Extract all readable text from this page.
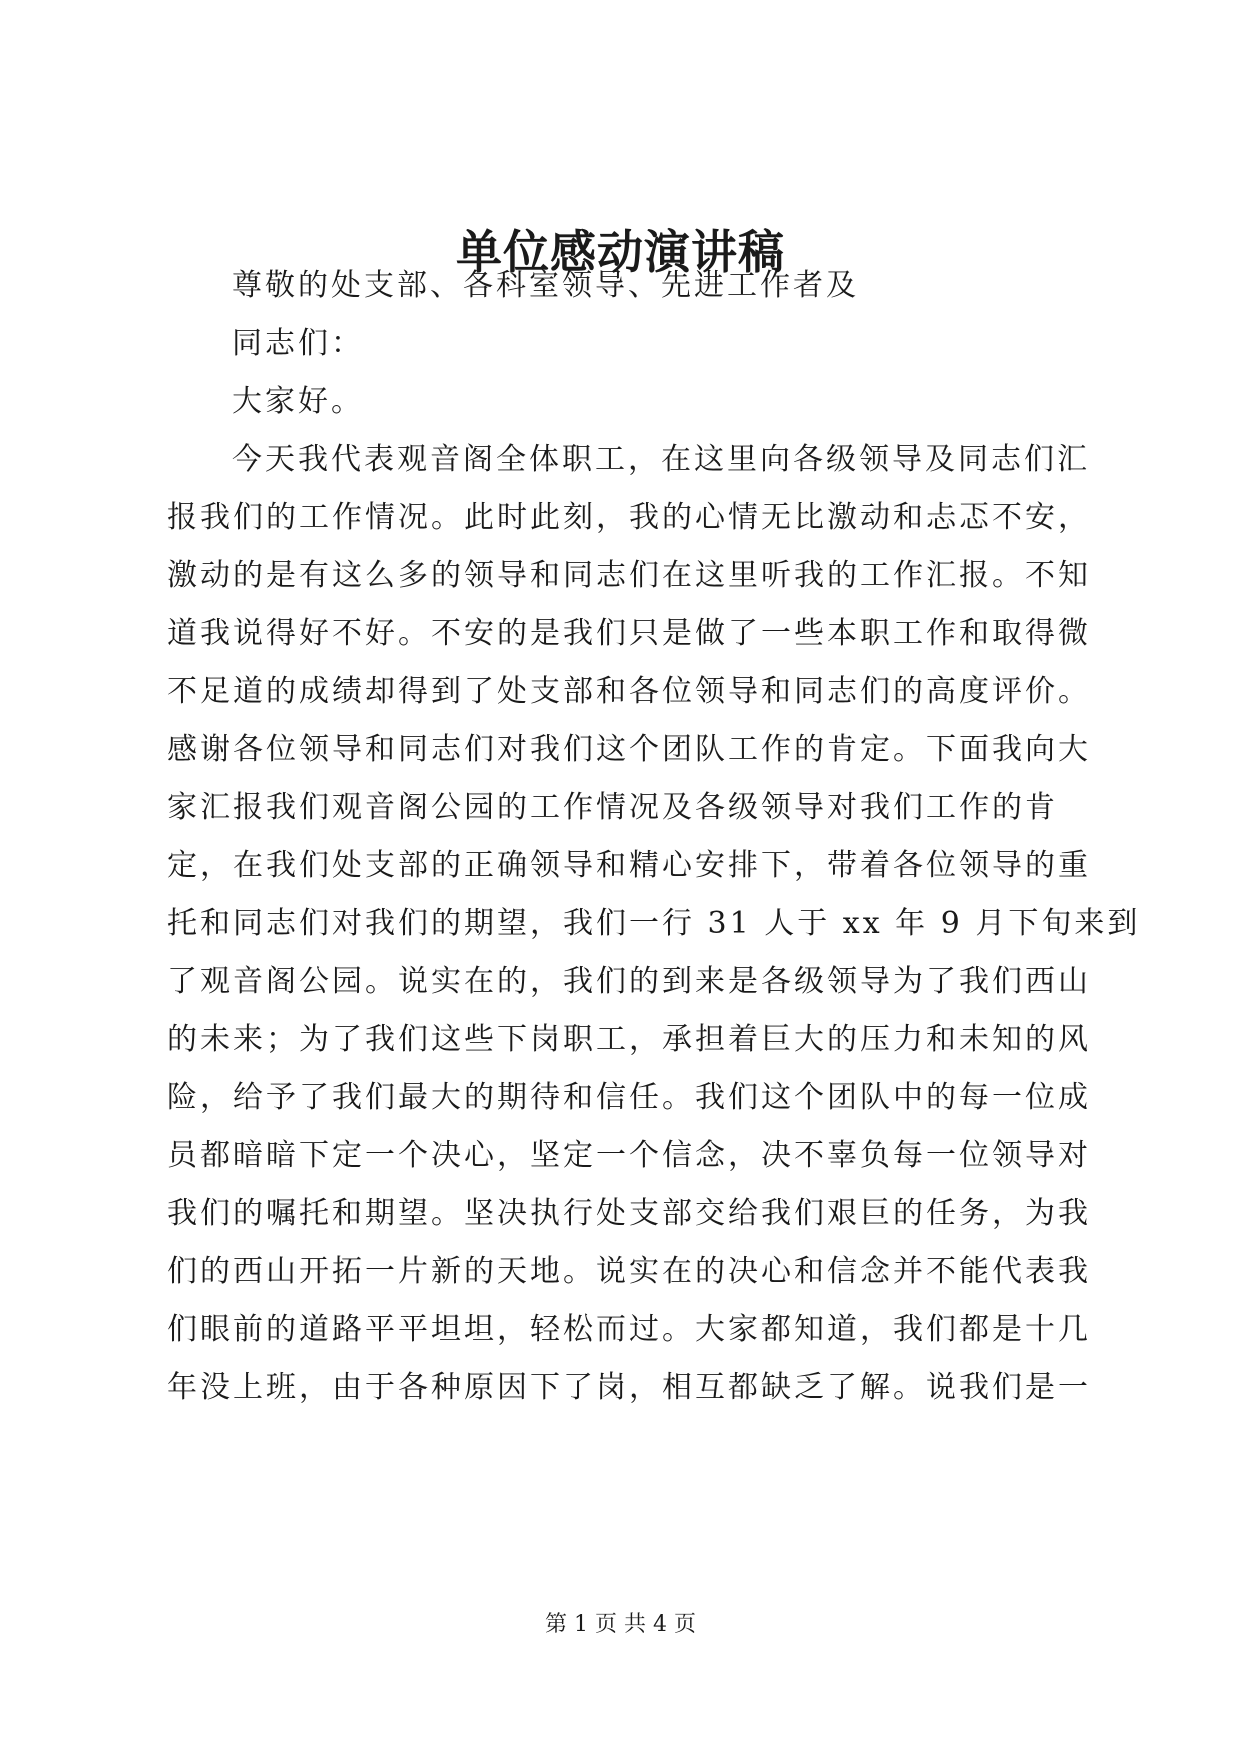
单位感动演讲稿
尊敬的处支部、各科室领导、先进工作者及
同志们：
大家好。
今天我代表观音阁全体职工，在这里向各级领导及同志们汇
报我们的工作情况。此时此刻，我的心情无比激动和忐忑不安，
激动的是有这么多的领导和同志们在这里听我的工作汇报。不知
道我说得好不好。不安的是我们只是做了一些本职工作和取得微
不足道的成绩却得到了处支部和各位领导和同志们的高度评价。
感谢各位领导和同志们对我们这个团队工作的肯定。下面我向大
家汇报我们观音阁公园的工作情况及各级领导对我们工作的肯
定，在我们处支部的正确领导和精心安排下，带着各位领导的重
托和同志们对我们的期望，我们一行 31 人于 xx 年 9 月下旬来到
了观音阁公园。说实在的，我们的到来是各级领导为了我们西山
的未来；为了我们这些下岗职工，承担着巨大的压力和未知的风
险，给予了我们最大的期待和信任。我们这个团队中的每一位成
员都暗暗下定一个决心，坚定一个信念，决不辜负每一位领导对
我们的嘱托和期望。坚决执行处支部交给我们艰巨的任务，为我
们的西山开拓一片新的天地。说实在的决心和信念并不能代表我
们眼前的道路平平坦坦，轻松而过。大家都知道，我们都是十几
年没上班，由于各种原因下了岗，相互都缺乏了解。说我们是一
第 1 页 共 4 页
